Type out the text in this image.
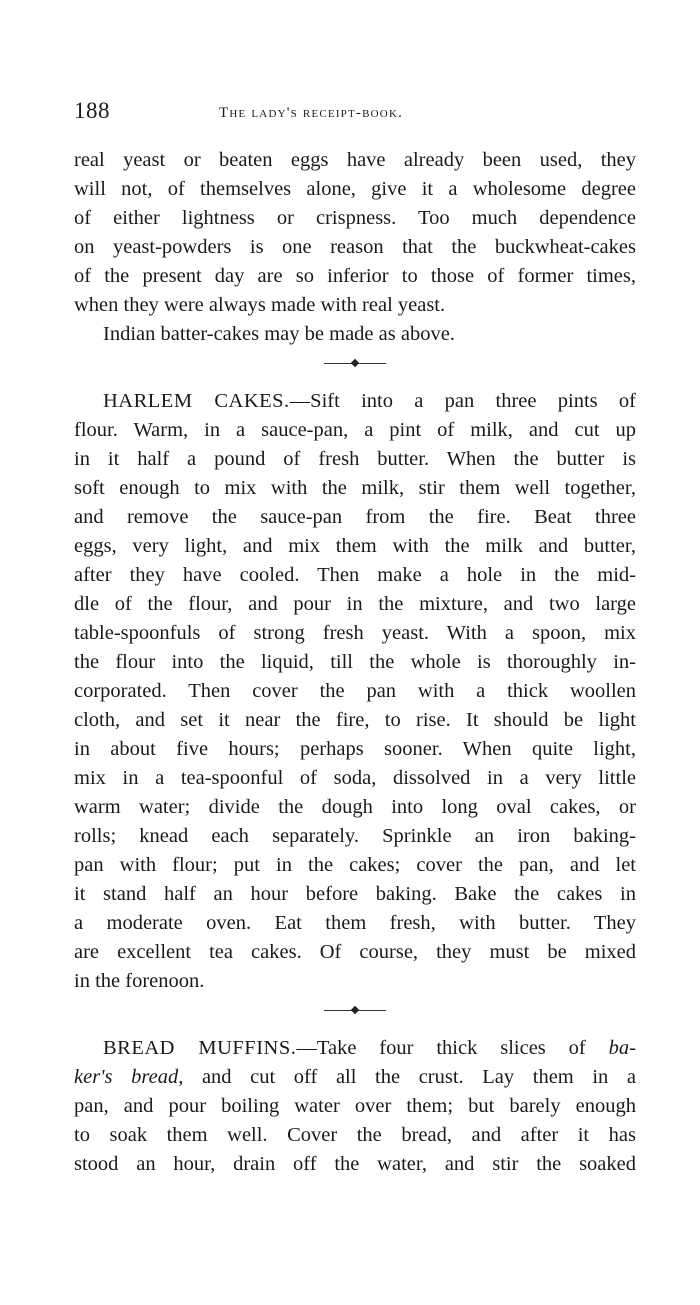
188	the lady's receipt-book.
real yeast or beaten eggs have already been used, they
will not, of themselves alone, give it a wholesome degree
of either lightness or crispness. Too much dependence
on yeast-powders is one reason that the buckwheat-cakes
of the present day are so inferior to those of former times,
when they were always made with real yeast.
Indian batter-cakes may be made as above.
HARLEM CAKES.—Sift into a pan three pints of
flour. Warm, in a sauce-pan, a pint of milk, and cut up
in it half a pound of fresh butter. When the butter is
soft enough to mix with the milk, stir them well together,
and remove the sauce-pan from the fire. Beat three
eggs, very light, and mix them with the milk and butter,
after they have cooled. Then make a hole in the mid-
dle of the flour, and pour in the mixture, and two large
table-spoonfuls of strong fresh yeast. With a spoon, mix
the flour into the liquid, till the whole is thoroughly in-
corporated. Then cover the pan with a thick woollen
cloth, and set it near the fire, to rise. It should be light
in about five hours; perhaps sooner. When quite light,
mix in a tea-spoonful of soda, dissolved in a very little
warm water; divide the dough into long oval cakes, or
rolls; knead each separately. Sprinkle an iron baking-
pan with flour; put in the cakes; cover the pan, and let
it stand half an hour before baking. Bake the cakes in
a moderate oven. Eat them fresh, with butter. They
are excellent tea cakes. Of course, they must be mixed
in the forenoon.
BREAD MUFFINS.—Take four thick slices of ba-
ker's bread, and cut off all the crust. Lay them in a
pan, and pour boiling water over them; but barely enough
to soak them well. Cover the bread, and after it has
stood an hour, drain off the water, and stir the soaked
